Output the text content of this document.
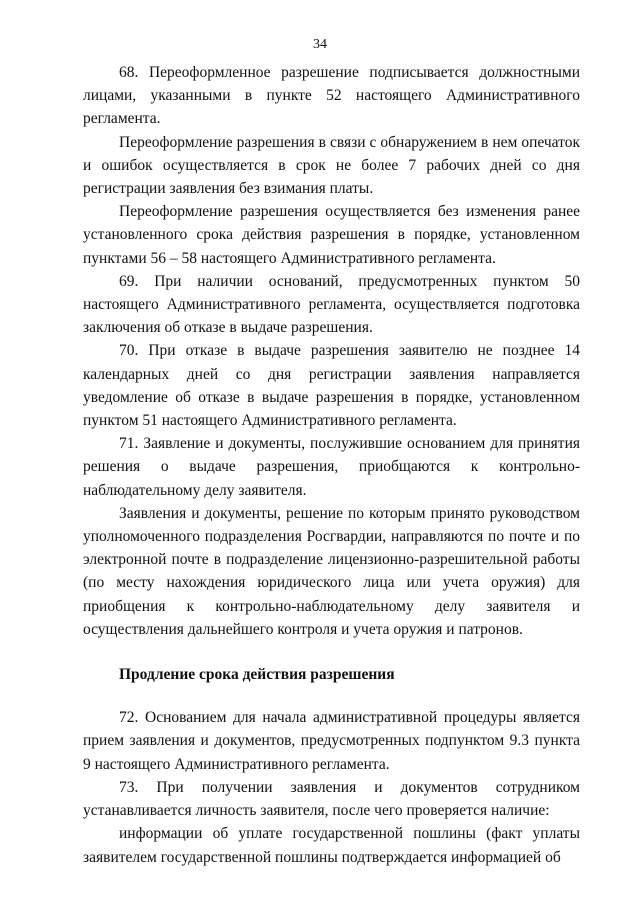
34

68. Переоформленное разрешение подписывается должностными лицами, указанными в пункте 52 настоящего Административного регламента.

Переоформление разрешения в связи с обнаружением в нем опечаток и ошибок осуществляется в срок не более 7 рабочих дней со дня регистрации заявления без взимания платы.

Переоформление разрешения осуществляется без изменения ранее установленного срока действия разрешения в порядке, установленном пунктами 56 – 58 настоящего Административного регламента.

69. При наличии оснований, предусмотренных пунктом 50 настоящего Административного регламента, осуществляется подготовка заключения об отказе в выдаче разрешения.

70. При отказе в выдаче разрешения заявителю не позднее 14 календарных дней со дня регистрации заявления направляется уведомление об отказе в выдаче разрешения в порядке, установленном пунктом 51 настоящего Административного регламента.

71. Заявление и документы, послужившие основанием для принятия решения о выдаче разрешения, приобщаются к контрольно-наблюдательному делу заявителя.

Заявления и документы, решение по которым принято руководством уполномоченного подразделения Росгвардии, направляются по почте и по электронной почте в подразделение лицензионно-разрешительной работы (по месту нахождения юридического лица или учета оружия) для приобщения к контрольно-наблюдательному делу заявителя и осуществления дальнейшего контроля и учета оружия и патронов.

Продление срока действия разрешения

72. Основанием для начала административной процедуры является прием заявления и документов, предусмотренных подпунктом 9.3 пункта 9 настоящего Административного регламента.

73. При получении заявления и документов сотрудником устанавливается личность заявителя, после чего проверяется наличие:

информации об уплате государственной пошлины (факт уплаты заявителем государственной пошлины подтверждается информацией об
